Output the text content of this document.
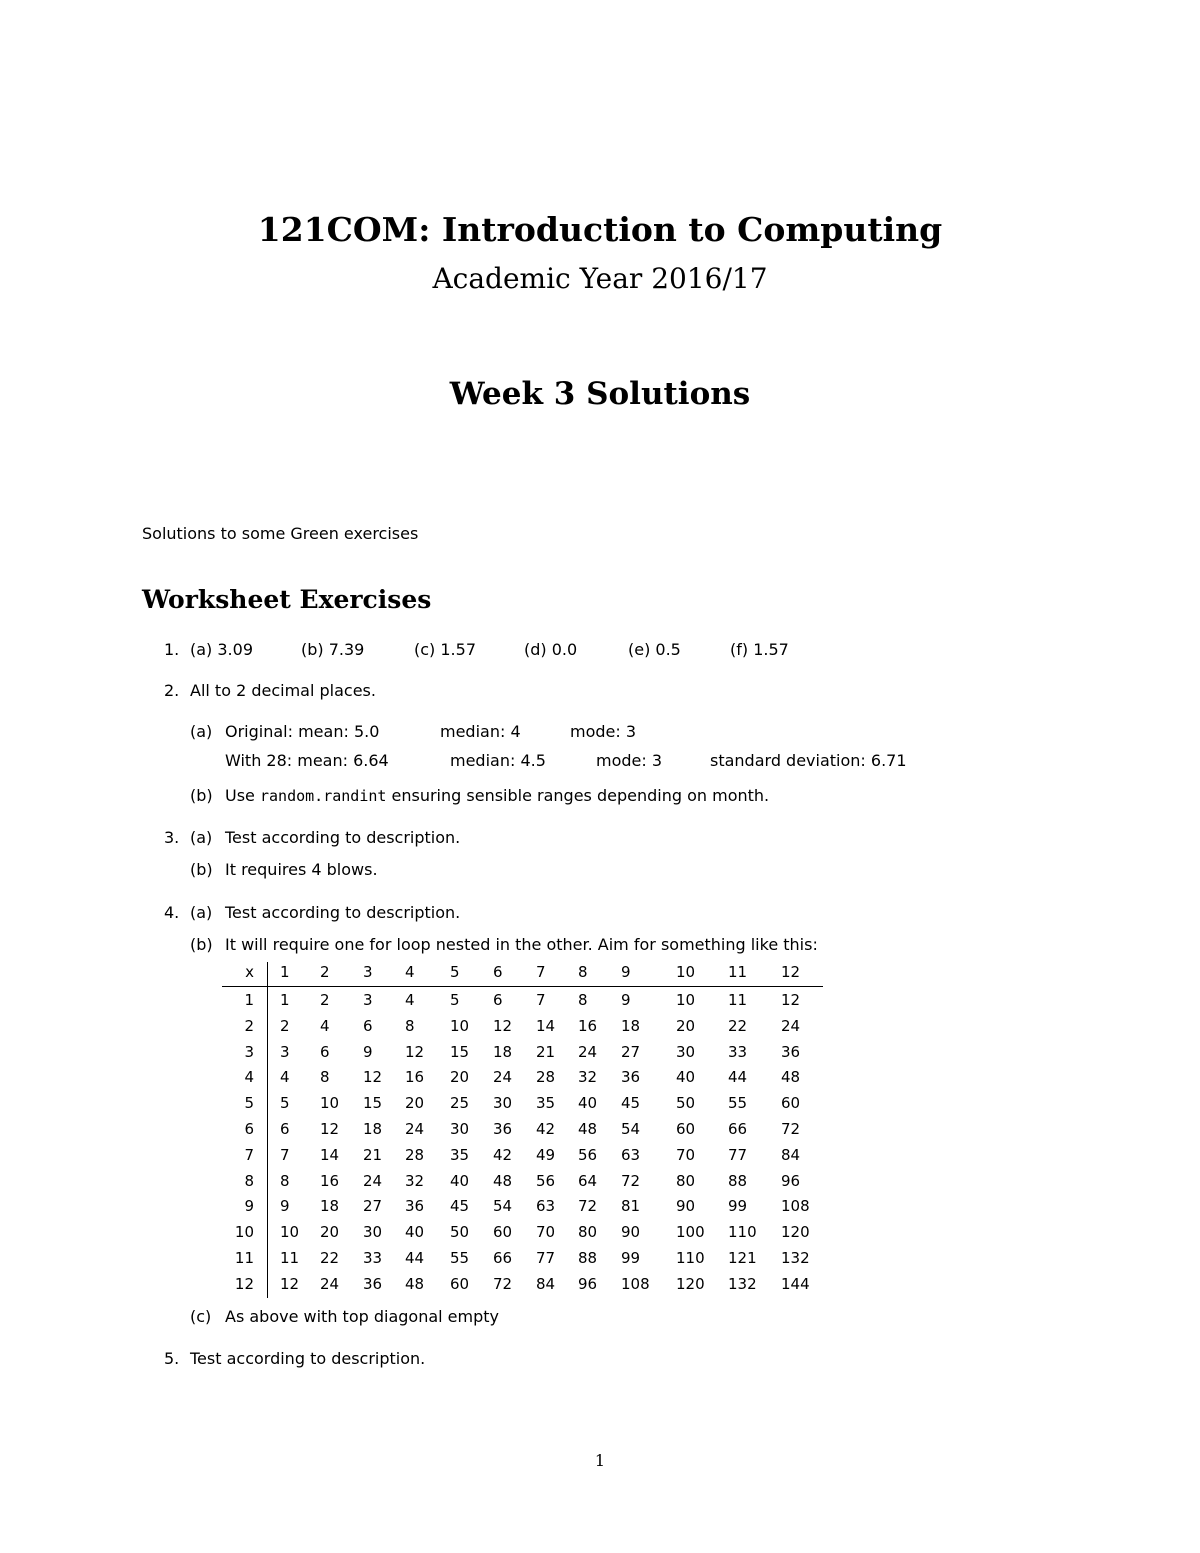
121COM: Introduction to Computing
Academic Year 2016/17
Week 3 Solutions
Solutions to some Green exercises
Worksheet Exercises
1. (a) 3.09	(b) 7.39	(c) 1.57	(d) 0.0	(e) 0.5	(f) 1.57
2. All to 2 decimal places.
(a) Original: mean: 5.0	median: 4	mode: 3
With 28: mean: 6.64	median: 4.5	mode: 3	standard deviation: 6.71
(b) Use random.randint ensuring sensible ranges depending on month.
3. (a) Test according to description.
(b) It requires 4 blows.
4. (a) Test according to description.
(b) It will require one for loop nested in the other. Aim for something like this:
x 1 2 3 4 5 6 7 8 9	10 11 12
1 1 2 3 4 5 6 7 8 9	10 11 12
2 2 4 6 8 10 12 14 16 18 20 22 24
3 3 6 9 12 15 18 21 24 27 30 33 36
4 4 8 12 16 20 24 28 32 36 40 44 48
5 5 10 15 20 25 30 35 40 45 50 55 60
6 6 12 18 24 30 36 42 48 54 60 66 72
7 7 14 21 28 35 42 49 56 63 70 77 84
8 8 16 24 32 40 48 56 64 72 80 88 96
9 9 18 27 36 45 54 63 72 81 90 99 108
10 10 20 30 40 50 60 70 80 90 100 110 120
11 11 22 33 44 55 66 77 88 99 110 121 132
12 12 24 36 48 60 72 84 96 108 120 132 144
(c) As above with top diagonal empty
5. Test according to description.
1
